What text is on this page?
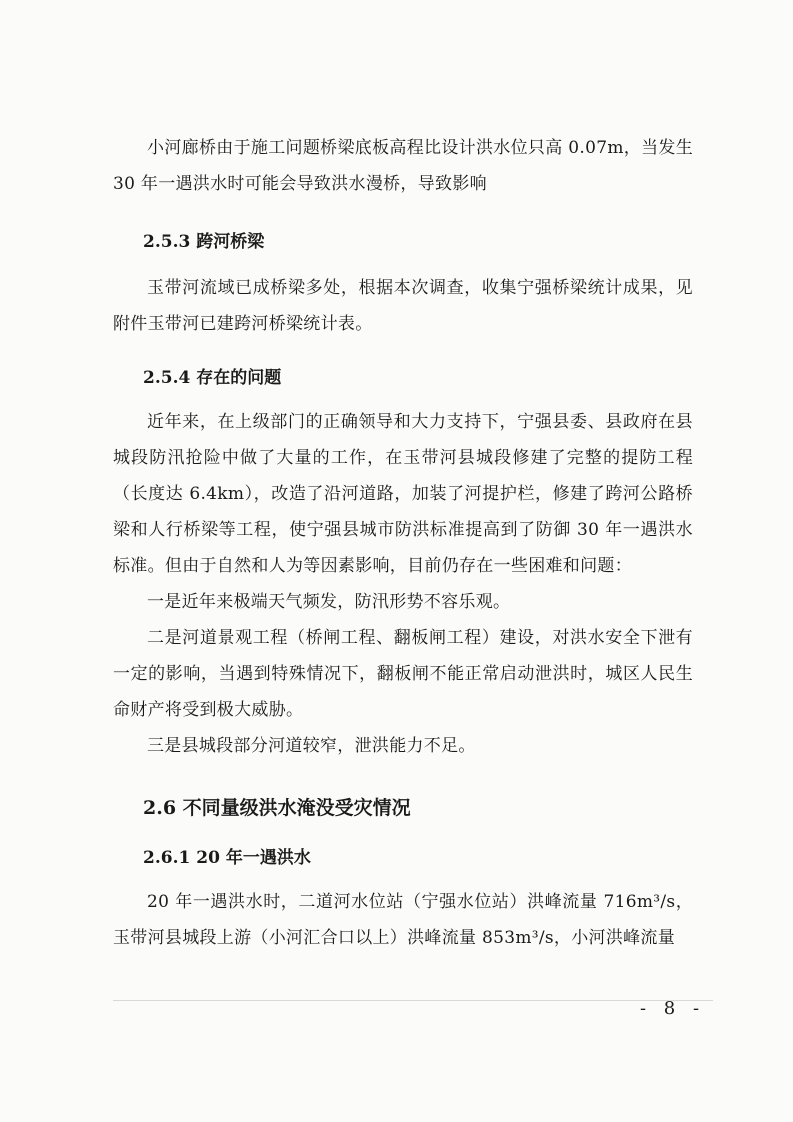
小河廊桥由于施工问题桥梁底板高程比设计洪水位只高 0.07m，当发生 30 年一遇洪水时可能会导致洪水漫桥，导致影响

2.5.3 跨河桥梁

玉带河流域已成桥梁多处，根据本次调查，收集宁强桥梁统计成果，见附件玉带河已建跨河桥梁统计表。

2.5.4 存在的问题

近年来，在上级部门的正确领导和大力支持下，宁强县委、县政府在县城段防汛抢险中做了大量的工作，在玉带河县城段修建了完整的提防工程（长度达 6.4km），改造了沿河道路，加装了河提护栏，修建了跨河公路桥梁和人行桥梁等工程，使宁强县城市防洪标准提高到了防御 30 年一遇洪水标准。但由于自然和人为等因素影响，目前仍存在一些困难和问题：

一是近年来极端天气频发，防汛形势不容乐观。

二是河道景观工程（桥闸工程、翻板闸工程）建设，对洪水安全下泄有一定的影响，当遇到特殊情况下，翻板闸不能正常启动泄洪时，城区人民生命财产将受到极大威胁。

三是县城段部分河道较窄，泄洪能力不足。

2.6 不同量级洪水淹没受灾情况
2.6.1 20 年一遇洪水

20 年一遇洪水时，二道河水位站（宁强水位站）洪峰流量 716m³/s，玉带河县城段上游（小河汇合口以上）洪峰流量 853m³/s，小河洪峰流量

- 8 -
